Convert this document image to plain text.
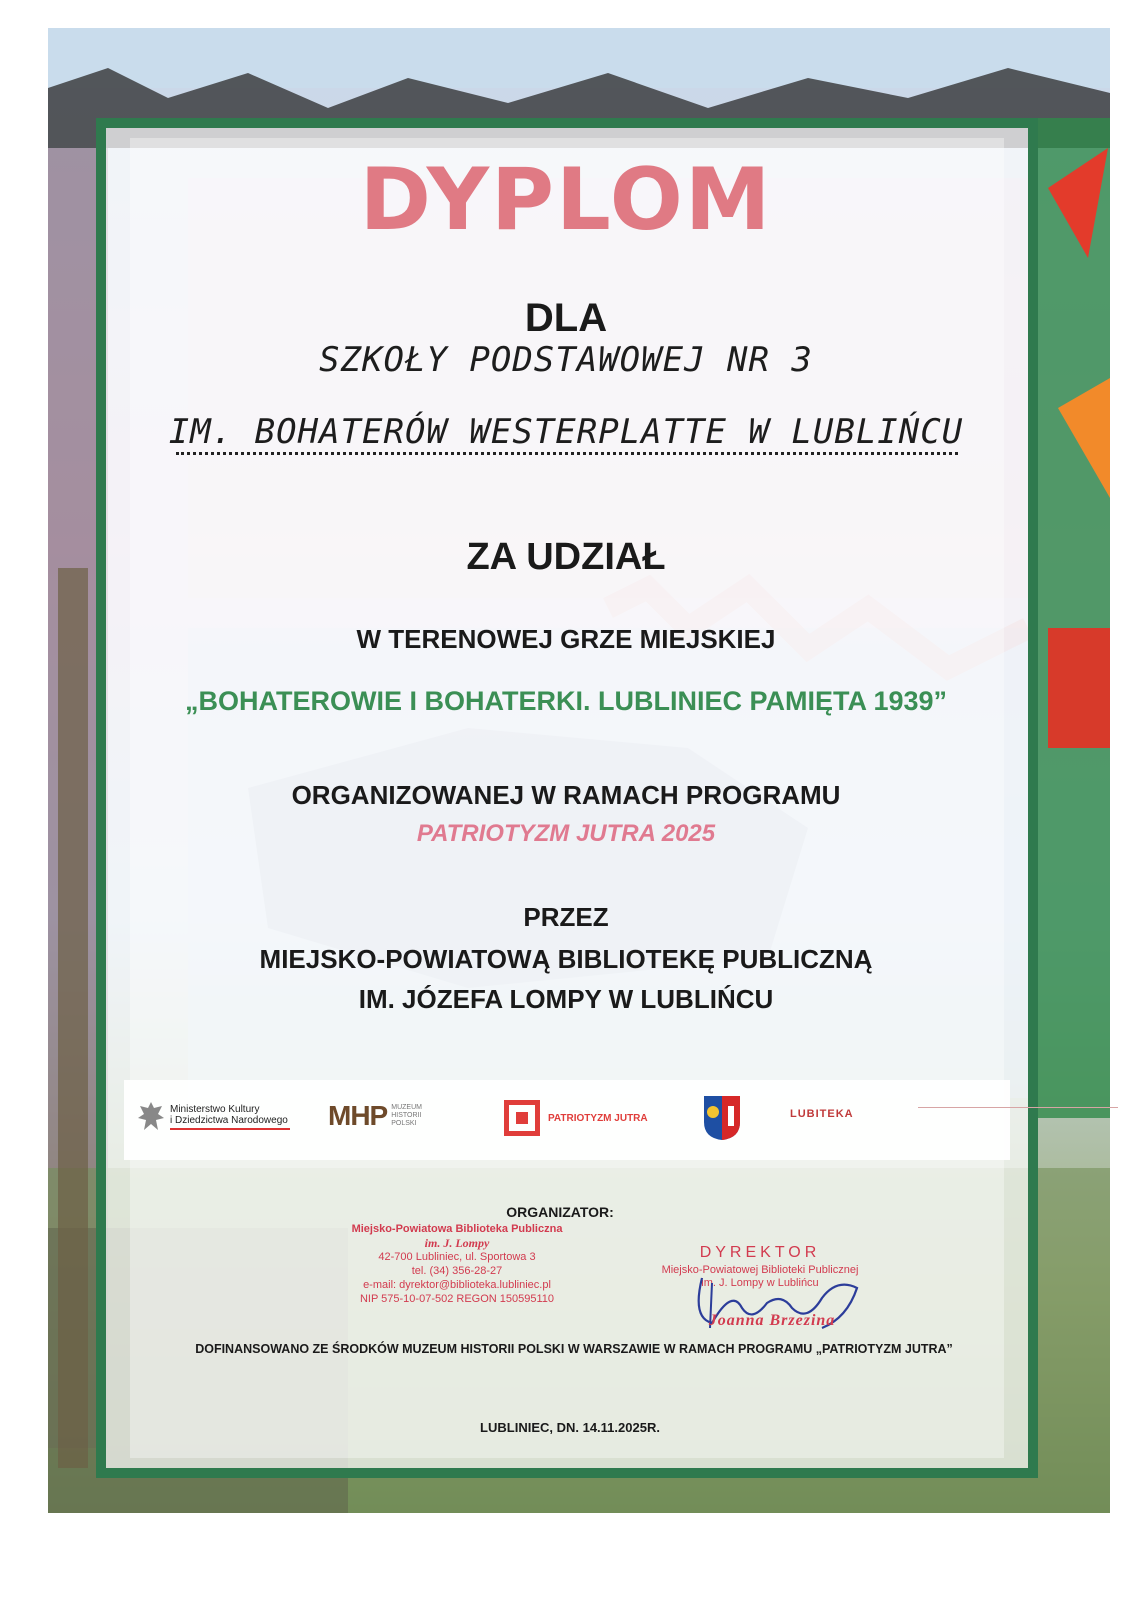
DYPLOM
DLA
SZKOŁY PODSTAWOWEJ NR 3
IM. BOHATERÓW WESTERPLATTE W LUBLIŃCU
ZA UDZIAŁ
W TERENOWEJ GRZE MIEJSKIEJ
„BOHATEROWIE I BOHATERKI. LUBLINIEC PAMIĘTA 1939”
ORGANIZOWANEJ W RAMACH PROGRAMU
PATRIOTYZM JUTRA 2025
PRZEZ
MIEJSKO-POWIATOWĄ BIBLIOTEKĘ PUBLICZNĄ
IM. JÓZEFA LOMPY W LUBLIŃCU
Ministerstwo Kultury
i Dziedzictwa Narodowego MHP MUZEUM
HISTORII
POLSKI	PATRIOTYZM JUTRA	LUBITEKA
ORGANIZATOR:
Miejsko-Powiatowa Biblioteka Publiczna
im. J. Lompy
42-700 Lubliniec, ul. Sportowa 3
tel. (34) 356-28-27
e-mail: dyrektor@biblioteka.lubliniec.pl
NIP 575-10-07-502 REGON 150595110
DYREKTOR
Miejsko-Powiatowej Biblioteki Publicznej
im. J. Lompy w Lublińcu
Joanna Brzezina
DOFINANSOWANO ZE ŚRODKÓW MUZEUM HISTORII POLSKI W WARSZAWIE W RAMACH PROGRAMU „PATRIOTYZM JUTRA”
LUBLINIEC, DN. 14.11.2025R.
